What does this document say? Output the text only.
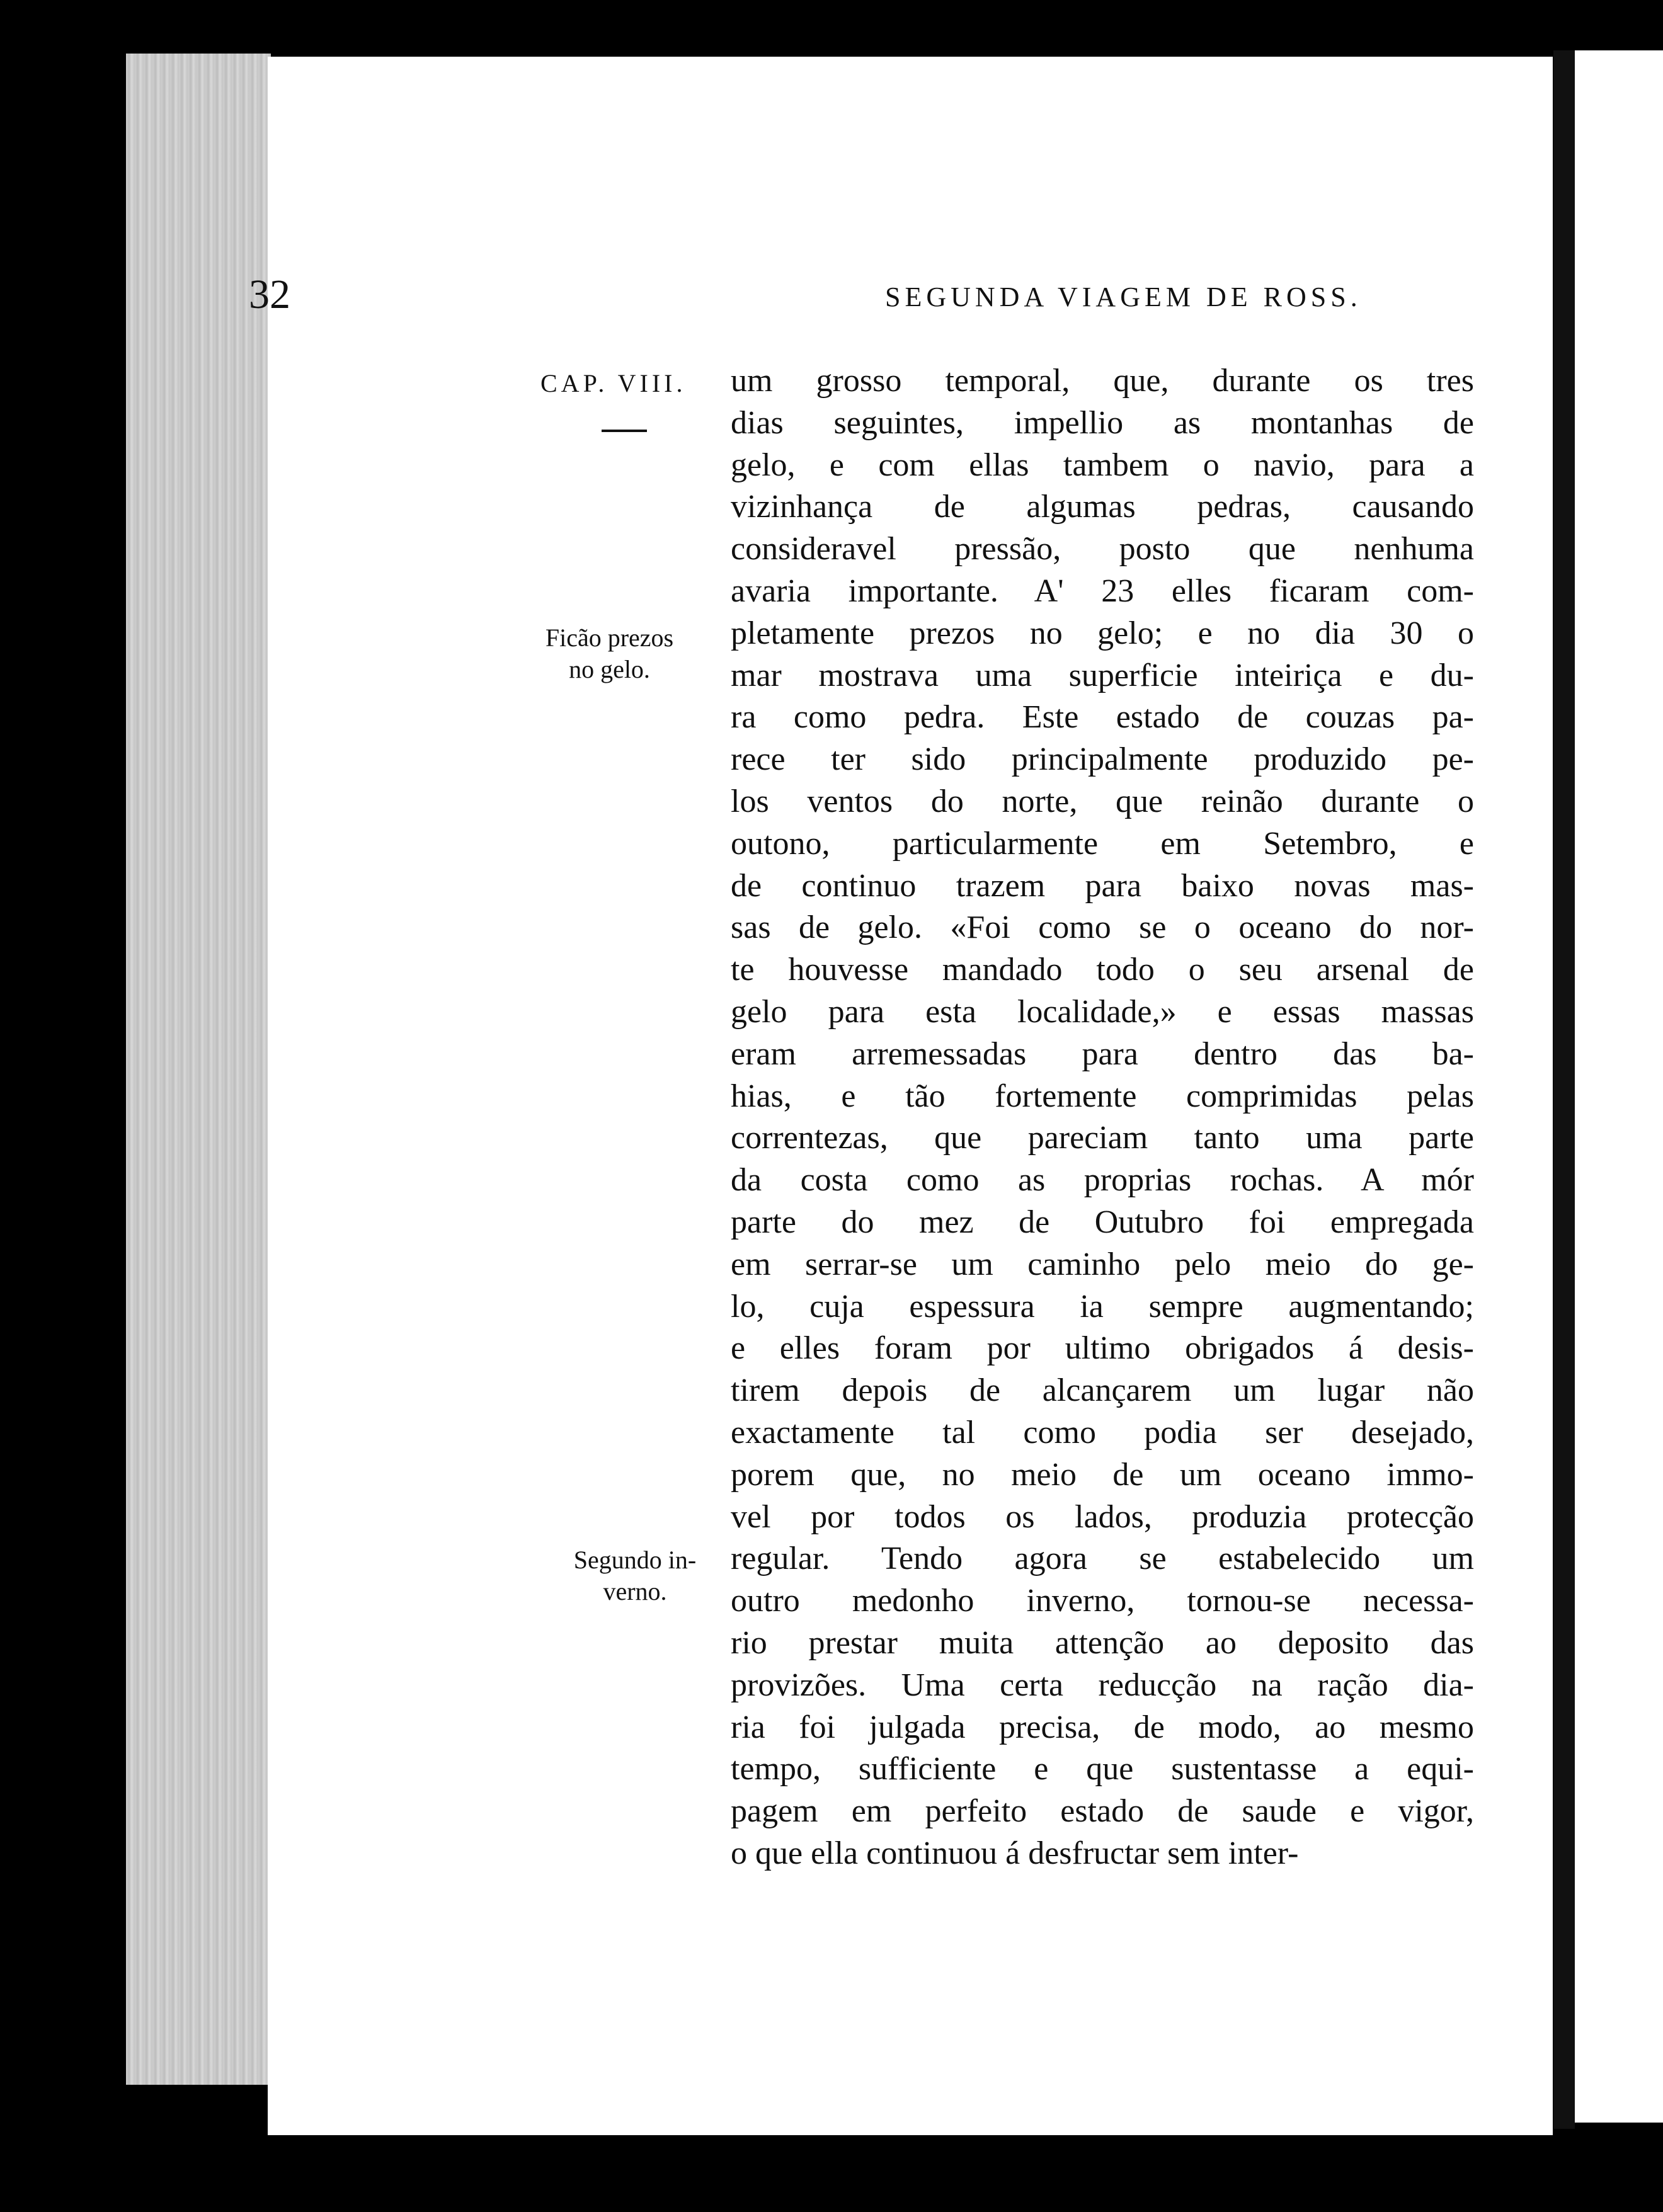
32	SEGUNDA VIAGEM DE ROSS.
CAP. VIII.
Ficão prezos
no gelo.
Segundo in-
verno.
um grosso temporal, que, durante os tres
dias seguintes, impellio as montanhas de
gelo, e com ellas tambem o navio, para a
vizinhança de algumas pedras, causando
consideravel pressão, posto que nenhuma
avaria importante. A' 23 elles ficaram com-
pletamente prezos no gelo; e no dia 30 o
mar mostrava uma superficie inteiriça e du-
ra como pedra. Este estado de couzas pa-
rece ter sido principalmente produzido pe-
los ventos do norte, que reinão durante o
outono, particularmente em Setembro, e
de continuo trazem para baixo novas mas-
sas de gelo. «Foi como se o oceano do nor-
te houvesse mandado todo o seu arsenal de
gelo para esta localidade,» e essas massas
eram arremessadas para dentro das ba-
hias, e tão fortemente comprimidas pelas
correntezas, que pareciam tanto uma parte
da costa como as proprias rochas. A mór
parte do mez de Outubro foi empregada
em serrar-se um caminho pelo meio do ge-
lo, cuja espessura ia sempre augmentando;
e elles foram por ultimo obrigados á desis-
tirem depois de alcançarem um lugar não
exactamente tal como podia ser desejado,
porem que, no meio de um oceano immo-
vel por todos os lados, produzia protecção
regular. Tendo agora se estabelecido um
outro medonho inverno, tornou-se necessa-
rio prestar muita attenção ao deposito das
provizões. Uma certa reducção na ração dia-
ria foi julgada precisa, de modo, ao mesmo
tempo, sufficiente e que sustentasse a equi-
pagem em perfeito estado de saude e vigor,
o que ella continuou á desfructar sem inter-
